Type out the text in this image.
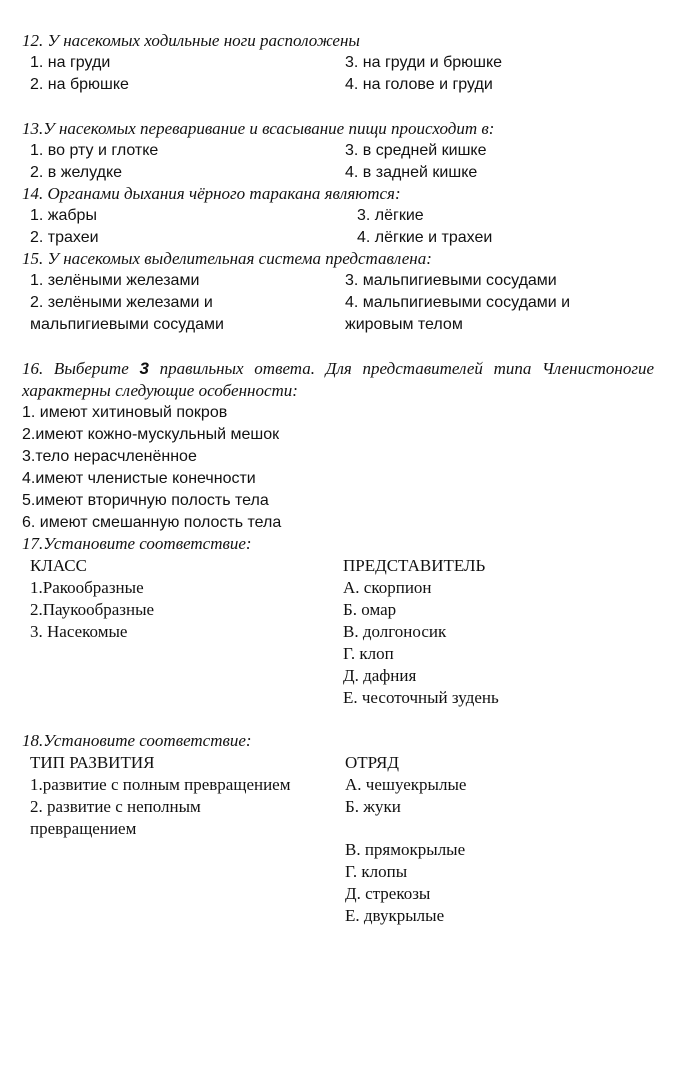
12. У насекомых ходильные ноги расположены
1. на груди
2. на брюшке
3. на груди и брюшке
4. на голове и груди
13.У насекомых переваривание и всасывание пищи происходит в:
1. во рту и глотке
2. в желудке
3. в средней кишке
4. в задней кишке
14. Органами дыхания чёрного таракана являются:
1. жабры
2. трахеи
3. лёгкие
4. лёгкие и трахеи
15. У насекомых выделительная система представлена:
1. зелёными железами
2. зелёными железами и
мальпигиевыми сосудами
3. мальпигиевыми сосудами
4. мальпигиевыми сосудами и
жировым телом
16. Выберите 3 правильных ответа. Для представителей типа Членистоногие
характерны следующие особенности:
1. имеют хитиновый покров
2.имеют кожно-мускульный мешок
3.тело нерасчленённое
4.имеют членистые конечности
5.имеют вторичную полость тела
6. имеют смешанную полость тела
17.Установите соответствие:
КЛАСС	ПРЕДСТАВИТЕЛЬ
1.Ракообразные
2.Паукообразные
3. Насекомые
А. скорпион
Б. омар
В. долгоносик
Г. клоп
Д. дафния
Е. чесоточный зудень
18.Установите соответствие:
ТИП РАЗВИТИЯ	ОТРЯД
1.развитие с полным превращением
2. развитие с неполным
превращением
А. чешуекрылые
Б. жуки
В. прямокрылые
Г. клопы
Д. стрекозы
Е. двукрылые
